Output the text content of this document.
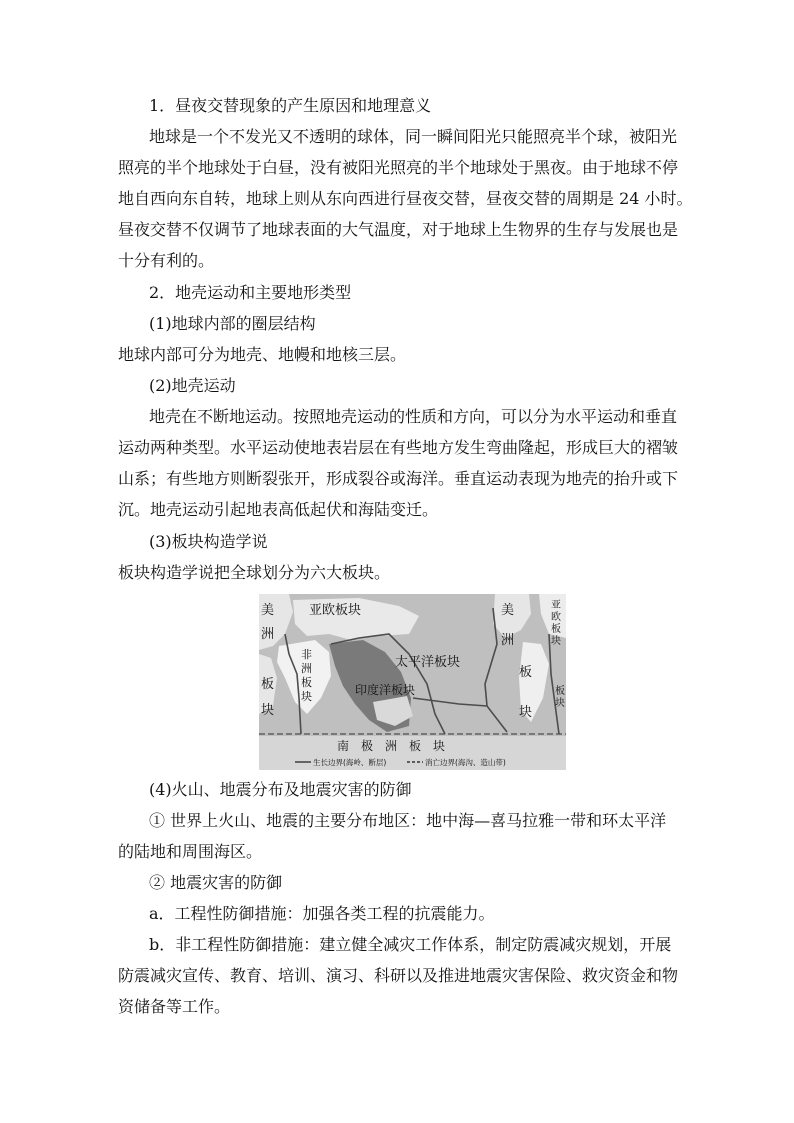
1．昼夜交替现象的产生原因和地理意义
地球是一个不发光又不透明的球体，同一瞬间阳光只能照亮半个球，被阳光
照亮的半个地球处于白昼，没有被阳光照亮的半个地球处于黑夜。由于地球不停
地自西向东自转，地球上则从东向西进行昼夜交替，昼夜交替的周期是 24 小时。
昼夜交替不仅调节了地球表面的大气温度，对于地球上生物界的生存与发展也是
十分有利的。
2．地壳运动和主要地形类型
(1)地球内部的圈层结构
地球内部可分为地壳、地幔和地核三层。
(2)地壳运动
地壳在不断地运动。按照地壳运动的性质和方向，可以分为水平运动和垂直
运动两种类型。水平运动使地表岩层在有些地方发生弯曲隆起，形成巨大的褶皱
山系；有些地方则断裂张开，形成裂谷或海洋。垂直运动表现为地壳的抬升或下
沉。地壳运动引起地表高低起伏和海陆变迁。
(3)板块构造学说
板块构造学说把全球划分为六大板块。
亚欧板块
太平洋板块
印度洋板块
南　极　洲　板　块
非
洲
板
块
美
洲
板
块
美
洲
板
块
亚
欧
板
块
板
块
生长边界(海岭、断层)	消亡边界(海沟、造山带)
(4)火山、地震分布及地震灾害的防御
① 世界上火山、地震的主要分布地区：地中海—喜马拉雅一带和环太平洋
的陆地和周围海区。
② 地震灾害的防御
a．工程性防御措施：加强各类工程的抗震能力。
b．非工程性防御措施：建立健全减灾工作体系，制定防震减灾规划，开展
防震减灾宣传、教育、培训、演习、科研以及推进地震灾害保险、救灾资金和物
资储备等工作。
